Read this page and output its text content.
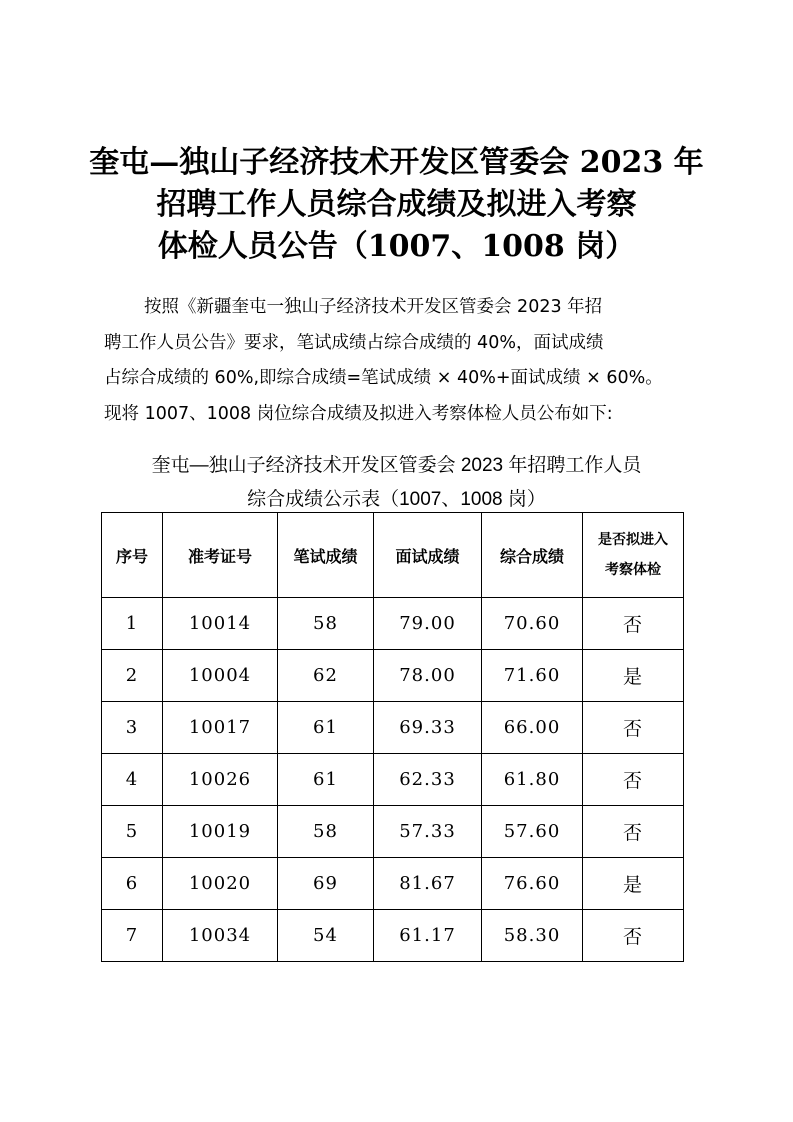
奎屯—独山子经济技术开发区管委会 2023 年
招聘工作人员综合成绩及拟进入考察
体检人员公告（1007、1008 岗）
按照《新疆奎屯一独山子经济技术开发区管委会 2023 年招
聘工作人员公告》要求，笔试成绩占综合成绩的 40%，面试成绩
占综合成绩的 60%,即综合成绩=笔试成绩 × 40%+面试成绩 × 60%。
现将 1007、1008 岗位综合成绩及拟进入考察体检人员公布如下:
奎屯—独山子经济技术开发区管委会 2023 年招聘工作人员
综合成绩公示表（1007、1008 岗）
序号	准考证号	笔试成绩	面试成绩	综合成绩	是否拟进入
考察体检
1	10014	58	79.00	70.60	否
2	10004	62	78.00	71.60	是
3	10017	61	69.33	66.00	否
4	10026	61	62.33	61.80	否
5	10019	58	57.33	57.60	否
6	10020	69	81.67	76.60	是
7	10034	54	61.17	58.30	否
